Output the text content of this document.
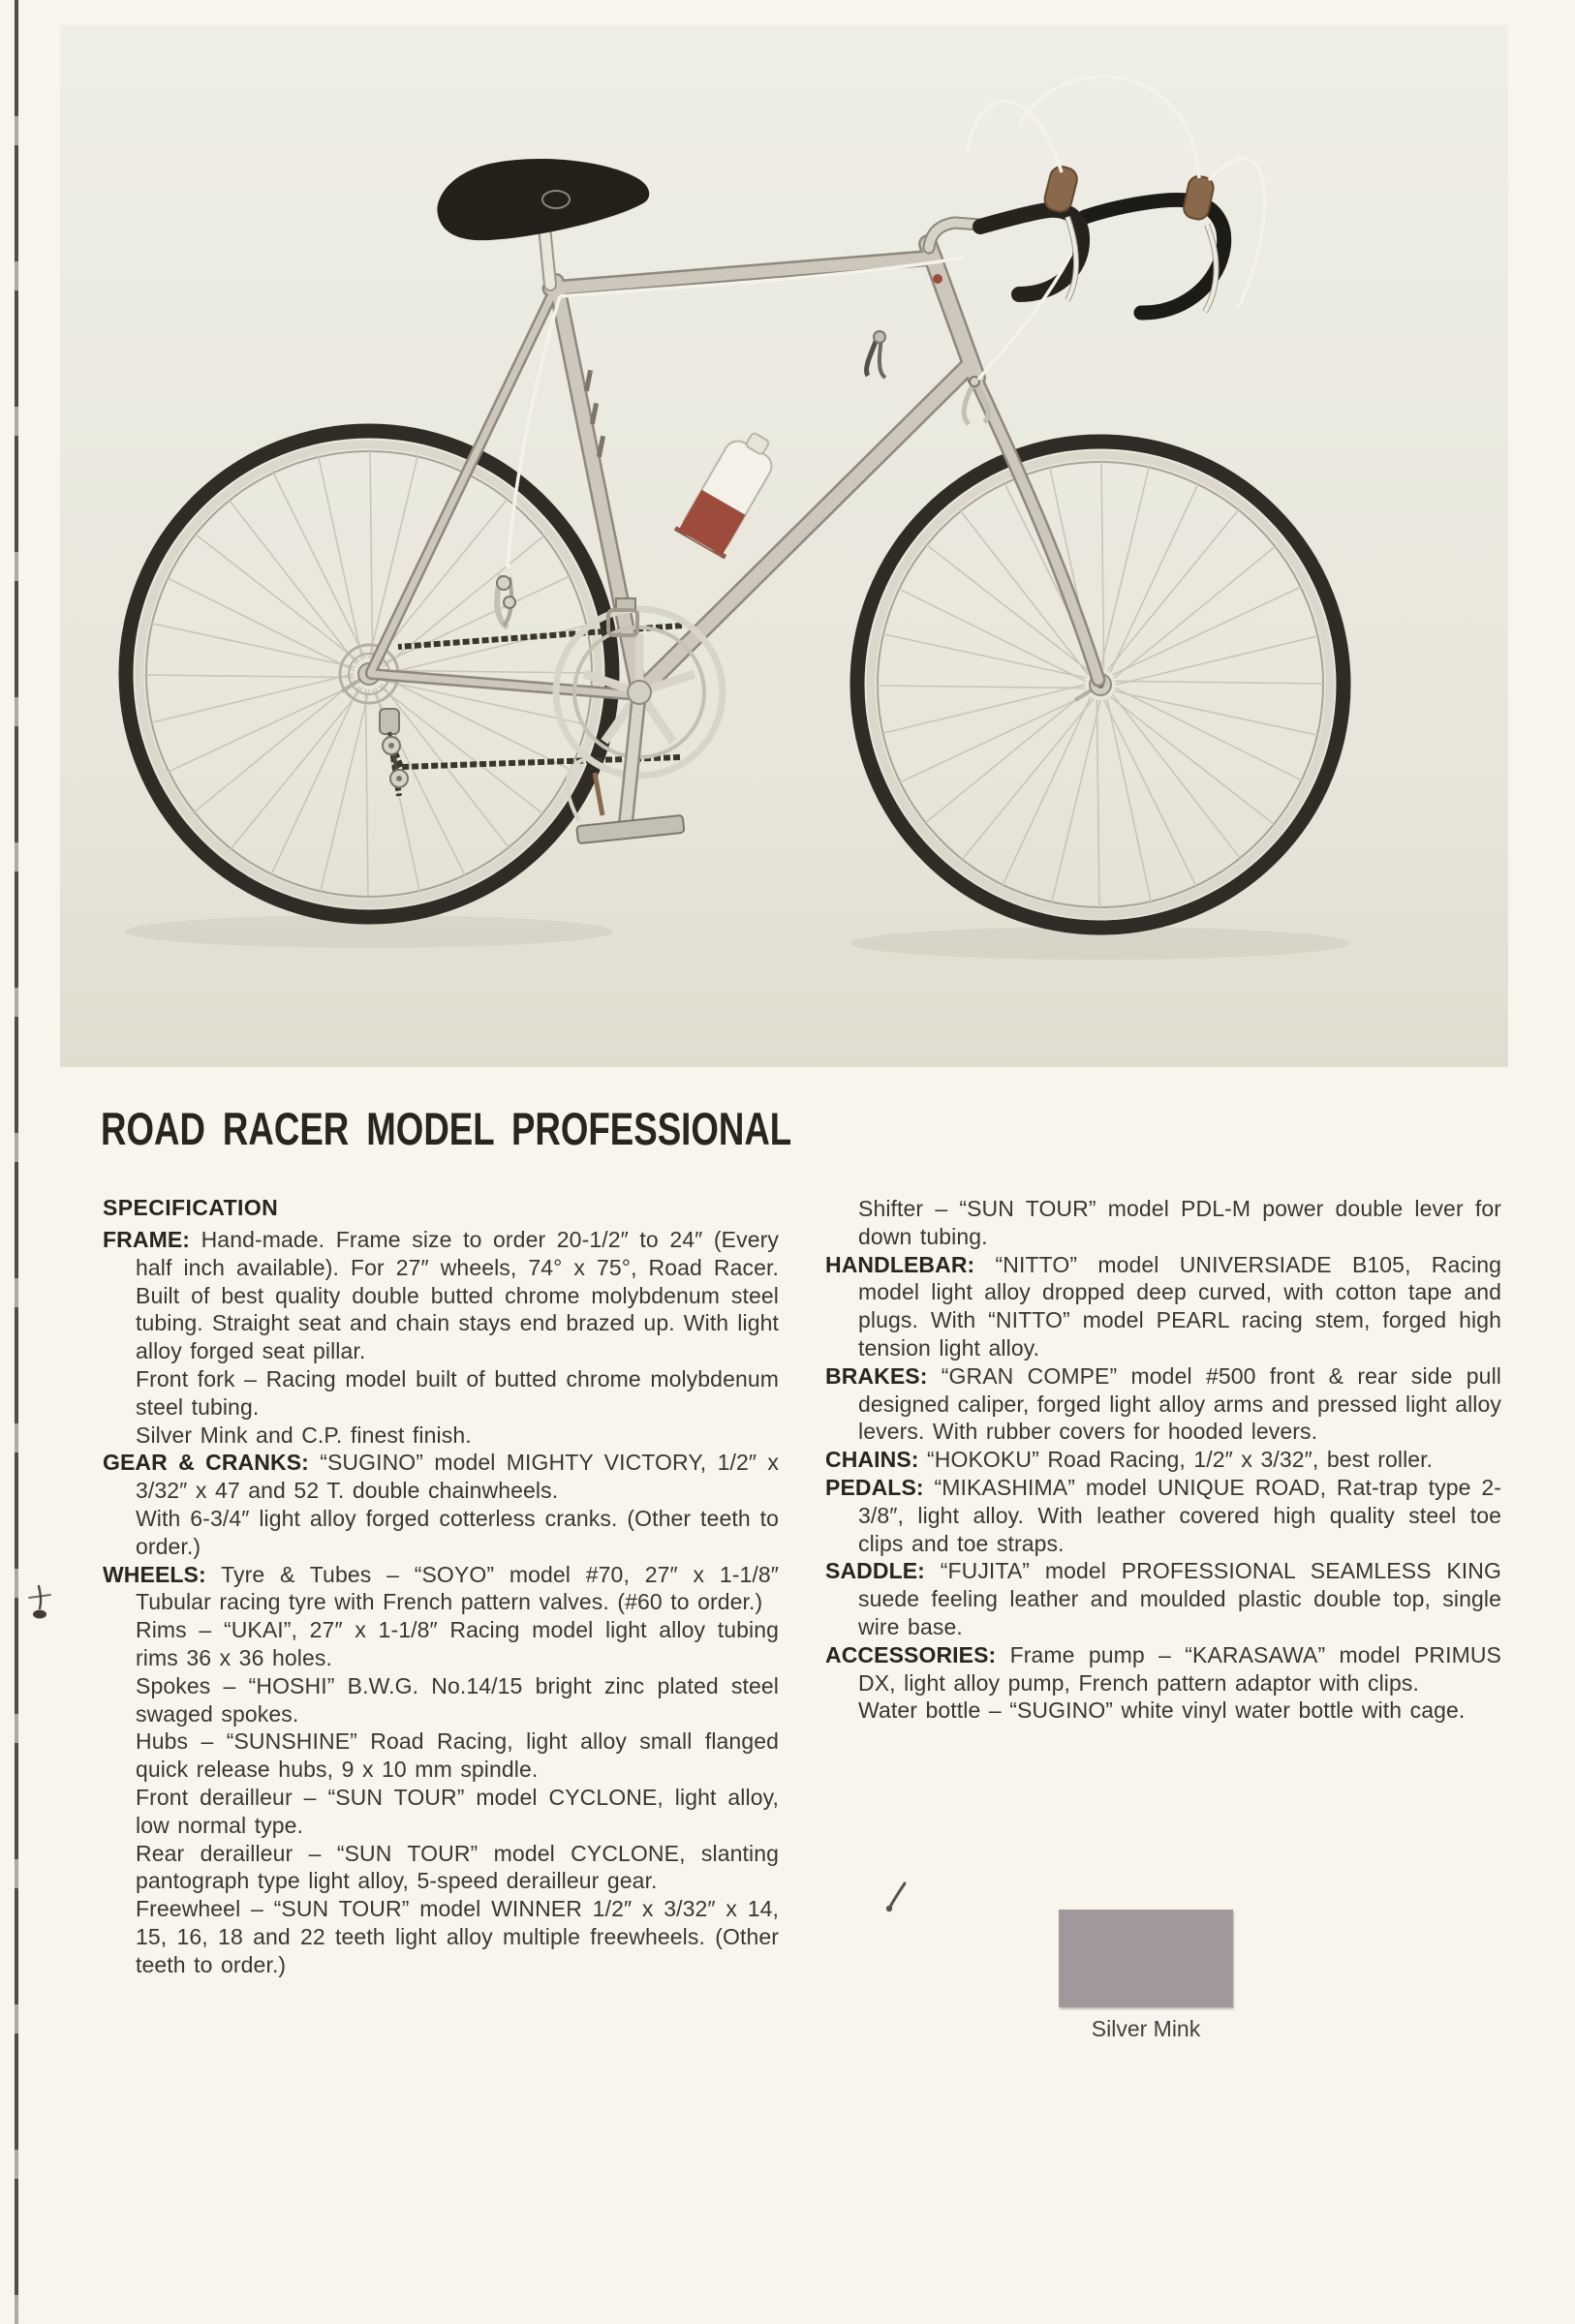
ROAD RACER MODEL PROFESSIONAL
SPECIFICATION

FRAME: Hand-made. Frame size to order 20-1/2″ to 24″ (Every half inch available). For 27″ wheels, 74° x 75°, Road Racer. Built of best quality double butted chrome molybdenum steel tubing. Straight seat and chain stays end brazed up. With light alloy forged seat pillar.

Front fork – Racing model built of butted chrome molybdenum steel tubing.

Silver Mink and C.P. finest finish.

GEAR & CRANKS: “SUGINO” model MIGHTY VICTORY, 1/2″ x 3/32″ x 47 and 52 T. double chainwheels.

With 6-3/4″ light alloy forged cotterless cranks. (Other teeth to order.)

WHEELS: Tyre & Tubes – “SOYO” model #70, 27″ x 1-1/8″ Tubular racing tyre with French pattern valves. (#60 to order.)

Rims – “UKAI”, 27″ x 1-1/8″ Racing model light alloy tubing rims 36 x 36 holes.

Spokes – “HOSHI” B.W.G. No.14/15 bright zinc plated steel swaged spokes.

Hubs – “SUNSHINE” Road Racing, light alloy small flanged quick release hubs, 9 x 10 mm spindle.

Front derailleur – “SUN TOUR” model CYCLONE, light alloy, low normal type.

Rear derailleur – “SUN TOUR” model CYCLONE, slanting pantograph type light alloy, 5-speed derailleur gear.

Freewheel – “SUN TOUR” model WINNER 1/2″ x 3/32″ x 14, 15, 16, 18 and 22 teeth light alloy multiple freewheels. (Other teeth to order.)

Shifter – “SUN TOUR” model PDL-M power double lever for down tubing.

HANDLEBAR: “NITTO” model UNIVERSIADE B105, Racing model light alloy dropped deep curved, with cotton tape and plugs. With “NITTO” model PEARL racing stem, forged high tension light alloy.

BRAKES: “GRAN COMPE” model #500 front & rear side pull designed caliper, forged light alloy arms and pressed light alloy levers. With rubber covers for hooded levers.

CHAINS: “HOKOKU” Road Racing, 1/2″ x 3/32″, best roller.

PEDALS: “MIKASHIMA” model UNIQUE ROAD, Rat-trap type 2-3/8″, light alloy. With leather covered high quality steel toe clips and toe straps.

SADDLE: “FUJITA” model PROFESSIONAL SEAMLESS KING suede feeling leather and moulded plastic double top, single wire base.

ACCESSORIES: Frame pump – “KARASAWA” model PRIMUS DX, light alloy pump, French pattern adaptor with clips.

Water bottle – “SUGINO” white vinyl water bottle with cage.

Silver Mink
